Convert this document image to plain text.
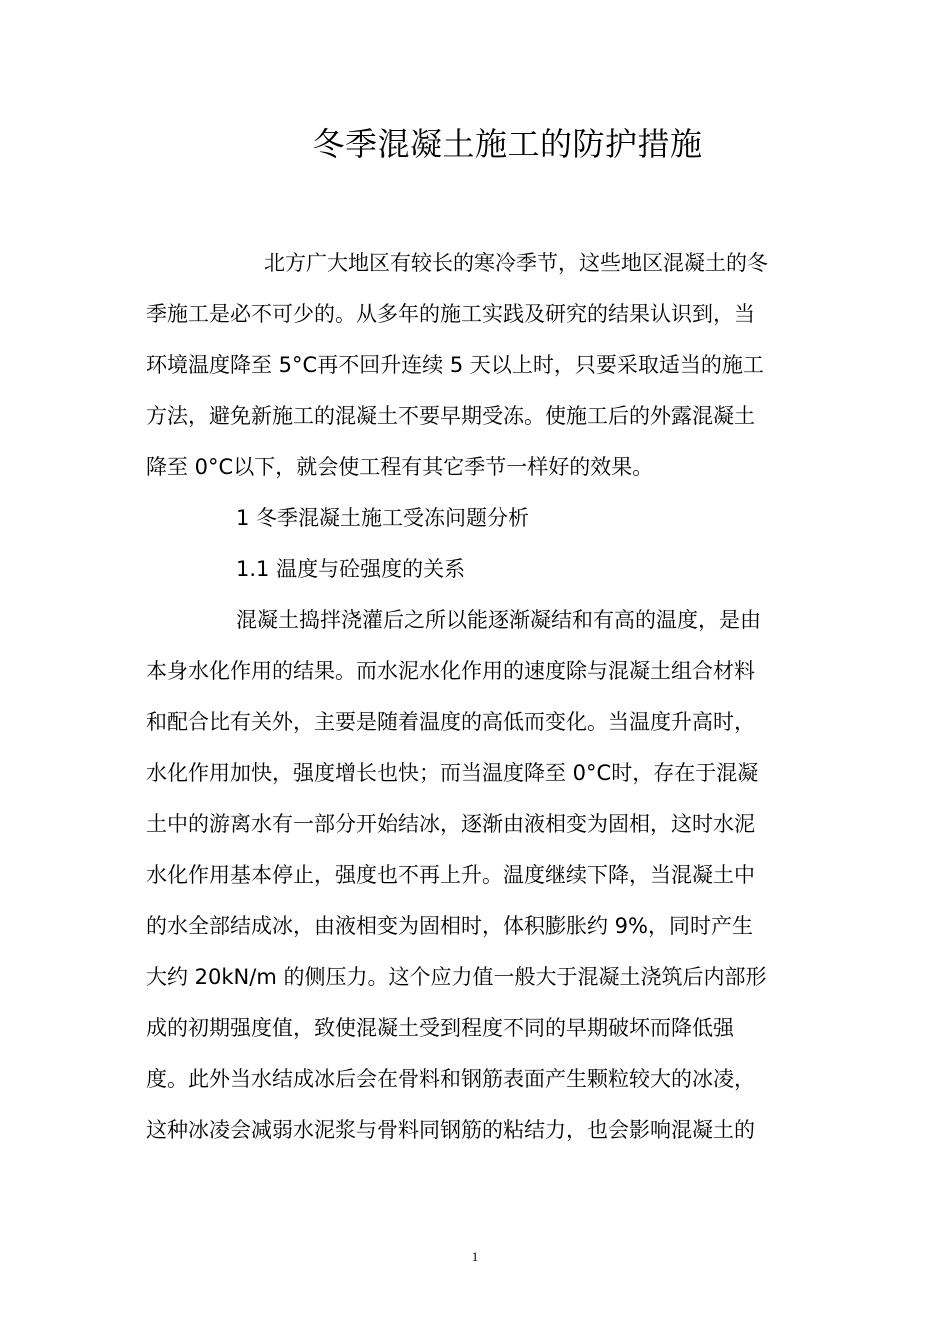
冬季混凝土施工的防护措施
北方广大地区有较长的寒冷季节，这些地区混凝土的冬
季施工是必不可少的。从多年的施工实践及研究的结果认识到，当
环境温度降至 5°C再不回升连续 5 天以上时，只要采取适当的施工
方法，避免新施工的混凝土不要早期受冻。使施工后的外露混凝土
降至 0°C以下，就会使工程有其它季节一样好的效果。
1 冬季混凝土施工受冻问题分析
1.1 温度与砼强度的关系
混凝土捣拌浇灌后之所以能逐渐凝结和有高的温度，是由
本身水化作用的结果。而水泥水化作用的速度除与混凝土组合材料
和配合比有关外，主要是随着温度的高低而变化。当温度升高时，
水化作用加快，强度增长也快；而当温度降至 0°C时，存在于混凝
土中的游离水有一部分开始结冰，逐渐由液相变为固相，这时水泥
水化作用基本停止，强度也不再上升。温度继续下降，当混凝土中
的水全部结成冰，由液相变为固相时，体积膨胀约 9%，同时产生
大约 20kN/m 的侧压力。这个应力值一般大于混凝土浇筑后内部形
成的初期强度值，致使混凝土受到程度不同的早期破坏而降低强
度。此外当水结成冰后会在骨料和钢筋表面产生颗粒较大的冰凌，
这种冰凌会减弱水泥浆与骨料同钢筋的粘结力，也会影响混凝土的
1
